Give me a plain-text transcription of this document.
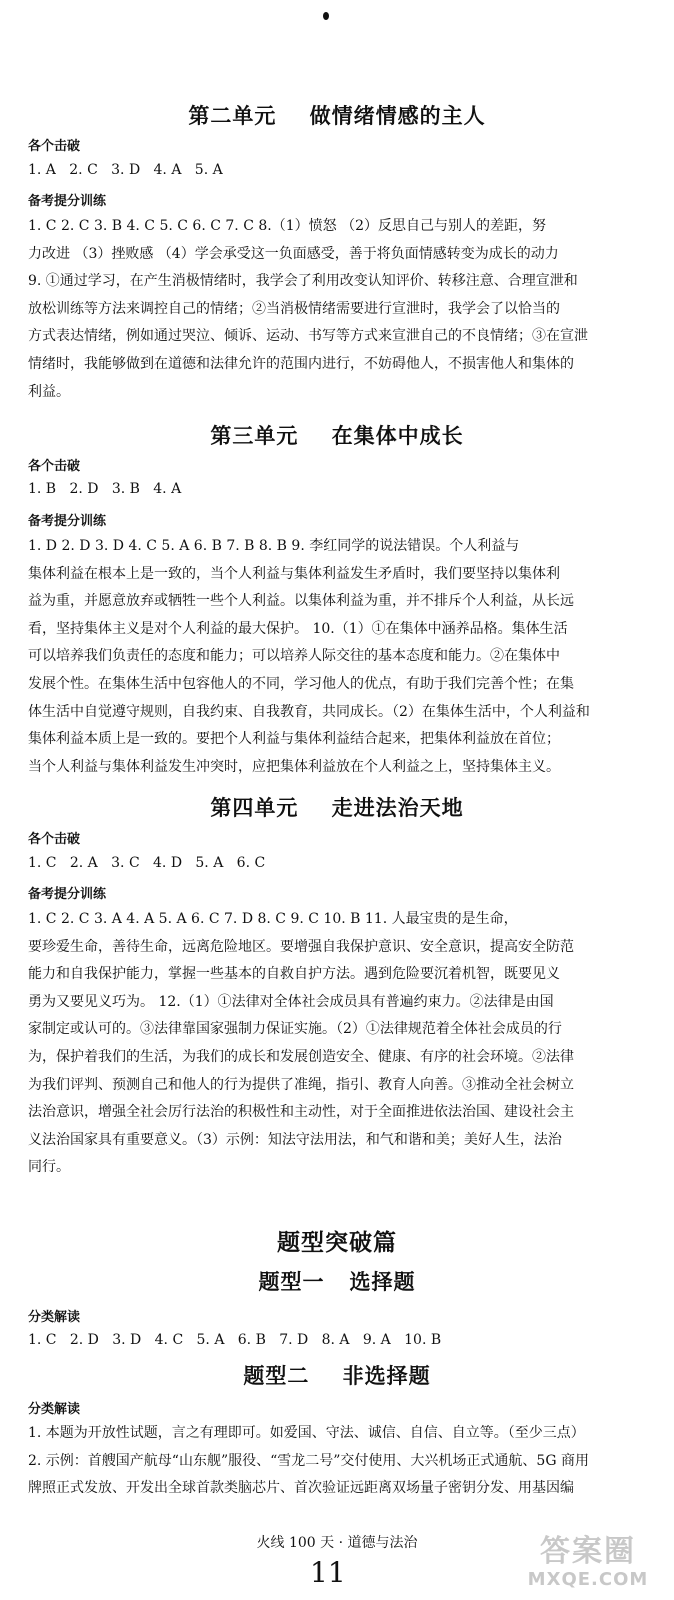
第二单元    做情绪情感的主人
各个击破
1. A   2. C   3. D   4. A   5. A
备考提分训练
1. C 2. C 3. B 4. C 5. C 6. C 7. C 8.（1）愤怒 （2）反思自己与别人的差距，努
力改进 （3）挫败感 （4）学会承受这一负面感受，善于将负面情感转变为成长的动力
9. ①通过学习，在产生消极情绪时，我学会了利用改变认知评价、转移注意、合理宣泄和
放松训练等方法来调控自己的情绪；②当消极情绪需要进行宣泄时，我学会了以恰当的
方式表达情绪，例如通过哭泣、倾诉、运动、书写等方式来宣泄自己的不良情绪；③在宣泄
情绪时，我能够做到在道德和法律允许的范围内进行，不妨碍他人，不损害他人和集体的
利益。
第三单元    在集体中成长
各个击破
1. B   2. D   3. B   4. A
备考提分训练
1. D 2. D 3. D 4. C 5. A 6. B 7. B 8. B 9. 李红同学的说法错误。个人利益与
集体利益在根本上是一致的，当个人利益与集体利益发生矛盾时，我们要坚持以集体利
益为重，并愿意放弃或牺牲一些个人利益。以集体利益为重，并不排斥个人利益，从长远
看，坚持集体主义是对个人利益的最大保护。 10.（1）①在集体中涵养品格。集体生活
可以培养我们负责任的态度和能力；可以培养人际交往的基本态度和能力。②在集体中
发展个性。在集体生活中包容他人的不同，学习他人的优点，有助于我们完善个性；在集
体生活中自觉遵守规则，自我约束、自我教育，共同成长。（2）在集体生活中，个人利益和
集体利益本质上是一致的。要把个人利益与集体利益结合起来，把集体利益放在首位；
当个人利益与集体利益发生冲突时，应把集体利益放在个人利益之上，坚持集体主义。
第四单元    走进法治天地
各个击破
1. C   2. A   3. C   4. D   5. A   6. C
备考提分训练
1. C 2. C 3. A 4. A 5. A 6. C 7. D 8. C 9. C 10. B 11. 人最宝贵的是生命，
要珍爱生命，善待生命，远离危险地区。要增强自我保护意识、安全意识，提高安全防范
能力和自我保护能力，掌握一些基本的自救自护方法。遇到危险要沉着机智，既要见义
勇为又要见义巧为。 12.（1）①法律对全体社会成员具有普遍约束力。②法律是由国
家制定或认可的。③法律靠国家强制力保证实施。（2）①法律规范着全体社会成员的行
为，保护着我们的生活，为我们的成长和发展创造安全、健康、有序的社会环境。②法律
为我们评判、预测自己和他人的行为提供了准绳，指引、教育人向善。③推动全社会树立
法治意识，增强全社会厉行法治的积极性和主动性，对于全面推进依法治国、建设社会主
义法治国家具有重要意义。（3）示例：知法守法用法，和气和谐和美；美好人生，法治
同行。
题型突破篇
题型一   选择题
分类解读
1. C   2. D   3. D   4. C   5. A   6. B   7. D   8. A   9. A   10. B
题型二    非选择题
分类解读
1. 本题为开放性试题，言之有理即可。如爱国、守法、诚信、自信、自立等。（至少三点）
2. 示例：首艘国产航母“山东舰”服役、“雪龙二号”交付使用、大兴机场正式通航、5G 商用
牌照正式发放、开发出全球首款类脑芯片、首次验证远距离双场量子密钥分发、用基因编
火线 100 天 · 道德与法治
11
答案圈
MXQE.COM
